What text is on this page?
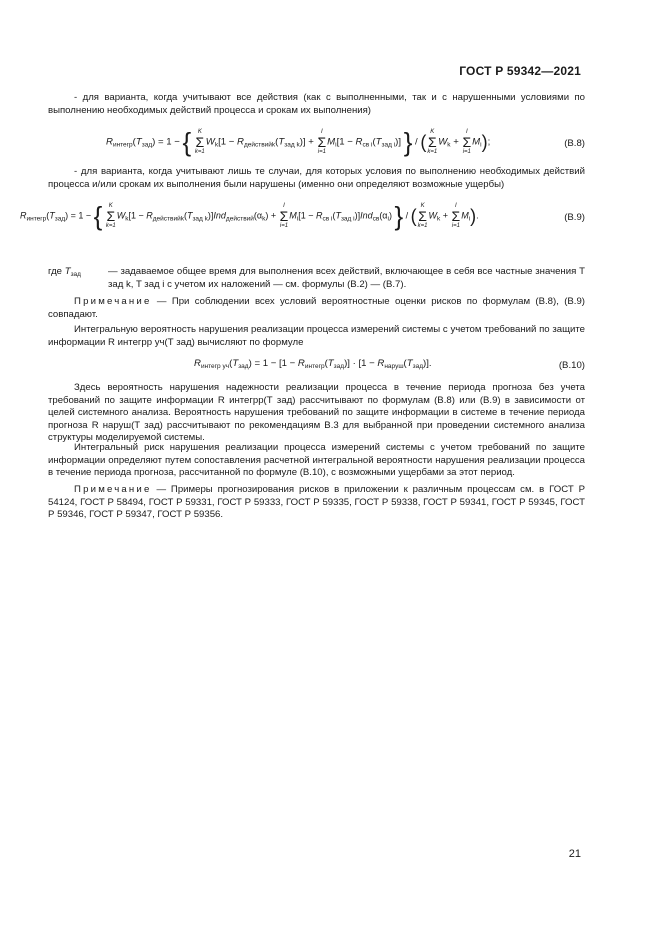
ГОСТ Р 59342—2021
- для варианта, когда учитывают все действия (как с выполненными, так и с нарушенными условиями по выполнению необходимых действий процесса и срокам их выполнения)
$R_{интегр}(T_{зад}) = 1$ − {	K
Σ
k=1
$W_k[1 - R_{действийk}(T_{зад k})]$ +
I
Σ
i=1
$M_i[1 - R_{св i}(T_{зад i})]$ } / ( K
Σ
k=1
$W_k$ +
I
Σ
i=1
$M_i$);	(В.8)
- для варианта, когда учитывают лишь те случаи, для которых условия по выполнению необходимых действий процесса и/или срокам их выполнения были нарушены (именно они определяют возможные ущербы)
$R_{интегр}(T_{зад}) = 1$ − {	K
Σ
k=1
$W_k[1 - R_{действийk}(T_{зад k})]Ind_{действий}(\alpha_k)$ +
I
Σ
i=1
$M_i[1 - R_{св i}(T_{зад i})]Ind_{св}(\alpha_i)$ } / ( K
Σ
k=1
$W_k$ +
I
Σ
i=1
$M_i$).	(В.9)
где $T_{зад}$	— задаваемое общее время для выполнения всех действий, включающее в себя все частные значения T зад k, T зад i с учетом их наложений — см. формулы (В.2) — (В.7).
Примечание — При соблюдении всех условий вероятностные оценки рисков по формулам (В.8), (В.9) совпадают.
Интегральную вероятность нарушения реализации процесса измерений системы с учетом требований по защите информации R интегрр уч(Т зад) вычисляют по формуле
$R_{интегр уч}(T_{зад}) = 1 - [1 - R_{интегр}(T_{зад})] \cdot [1 - R_{наруш}(T_{зад})]$.	(В.10)
Здесь вероятность нарушения надежности реализации процесса в течение периода прогноза без учета требований по защите информации R интегрр(Т зад) рассчитывают по формулам (В.8) или (В.9) в зависимости от целей системного анализа. Вероятность нарушения требований по защите информации в системе в течение периода прогноза R наруш(Т зад) рассчитывают по рекомендациям В.3 для выбранной при проведении системного анализа структуры моделируемой системы.
Интегральный риск нарушения реализации процесса измерений системы с учетом требований по защите информации определяют путем сопоставления расчетной интегральной вероятности нарушения реализации процесса в течение периода прогноза, рассчитанной по формуле (В.10), с возможными ущербами за этот период.
Примечание — Примеры прогнозирования рисков в приложении к различным процессам см. в ГОСТ Р 54124, ГОСТ Р 58494, ГОСТ Р 59331, ГОСТ Р 59333, ГОСТ Р 59335, ГОСТ Р 59338, ГОСТ Р 59341, ГОСТ Р 59345, ГОСТ Р 59346, ГОСТ Р 59347, ГОСТ Р 59356.
21
